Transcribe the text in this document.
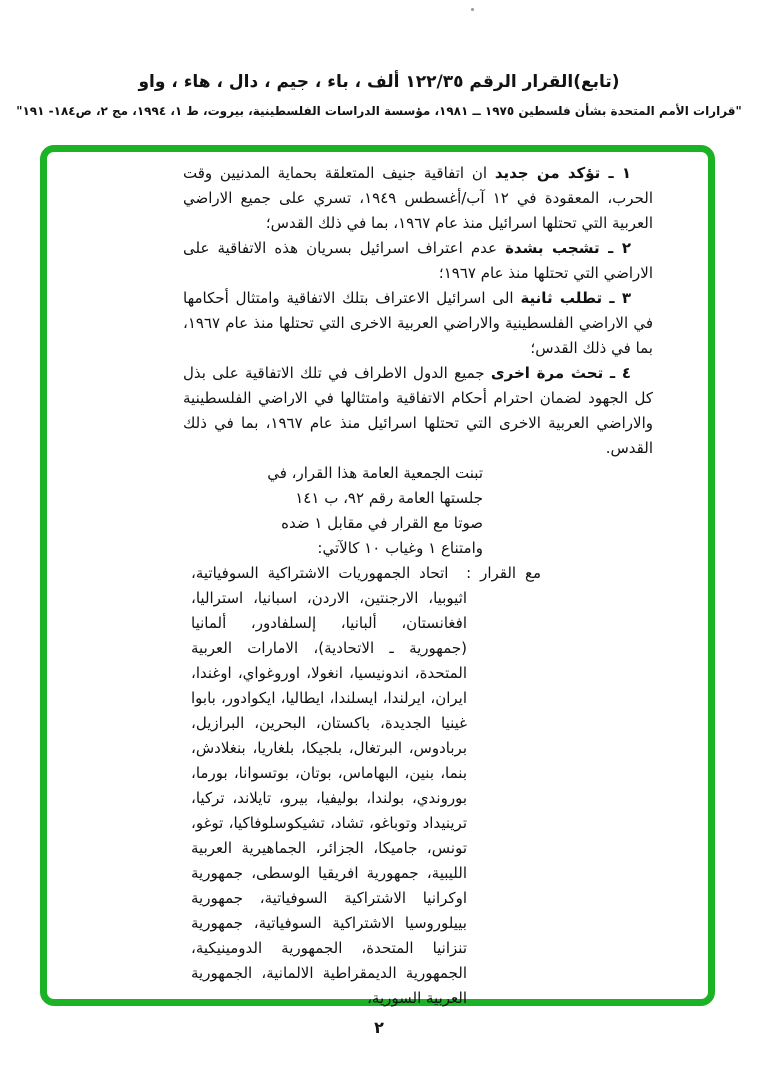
(تابع)القرار الرقم ١٢٢/٣٥ ألف ، باء ، جيم ، دال ، هاء ، واو
"قرارات الأمم المتحدة بشأن فلسطين ١٩٧٥ ــ ١٩٨١، مؤسسة الدراسات الفلسطينية، بيروت، ط ١، ١٩٩٤، مج ٢، ص١٨٤- ١٩١"

١ ـ تؤكد من جديد ان اتفاقية جنيف المتعلقة بحماية المدنيين وقت الحرب، المعقودة في ١٢ آب/أغسطس ١٩٤٩، تسري على جميع الاراضي العربية التي تحتلها اسرائيل منذ عام ١٩٦٧، بما في ذلك القدس؛

٢ ـ تشجب بشدة عدم اعتراف اسرائيل بسريان هذه الاتفاقية على الاراضي التي تحتلها منذ عام ١٩٦٧؛

٣ ـ تطلب ثانية الى اسرائيل الاعتراف بتلك الاتفاقية وامتثال أحكامها في الاراضي الفلسطينية والاراضي العربية الاخرى التي تحتلها منذ عام ١٩٦٧، بما في ذلك القدس؛

٤ ـ تحث مرة اخرى جميع الدول الاطراف في تلك الاتفاقية على بذل كل الجهود لضمان احترام أحكام الاتفاقية وامتثالها في الاراضي الفلسطينية والاراضي العربية الاخرى التي تحتلها اسرائيل منذ عام ١٩٦٧، بما في ذلك القدس.

تبنت الجمعية العامة هذا القرار، في
جلستها العامة رقم ٩٢، ب ١٤١
صوتا مع القرار في مقابل ١ ضده
وامتناع ١ وغياب ١٠ كالآتي:
مع القرار :  اتحاد الجمهوريات الاشتراكية السوفياتية، اثيوبيا، الارجنتين، الاردن، اسبانيا، استراليا، افغانستان، ألبانيا، إلسلفادور، ألمانيا (جمهورية ـ الاتحادية)، الامارات العربية المتحدة، اندونيسيا، انغولا، اوروغواي، اوغندا، ايران، ايرلندا، ايسلندا، ايطاليا، ايكوادور، بابوا غينيا الجديدة، باكستان، البحرين، البرازيل، بربادوس، البرتغال، بلجيكا، بلغاريا، بنغلادش، بنما، بنين، البهاماس، بوتان، بوتسوانا، بورما، بوروندي، بولندا، بوليفيا، بيرو، تايلاند، تركيا، ترينيداد وتوباغو، تشاد، تشيكوسلوفاكيا، توغو، تونس، جاميكا، الجزائر، الجماهيرية العربية الليبية، جمهورية افريقيا الوسطى، جمهورية اوكرانيا الاشتراكية السوفياتية، جمهورية بييلوروسيا الاشتراكية السوفياتية، جمهورية تنزانيا المتحدة، الجمهورية الدومينيكية، الجمهورية الديمقراطية الالمانية، الجمهورية العربية السورية،
٢
